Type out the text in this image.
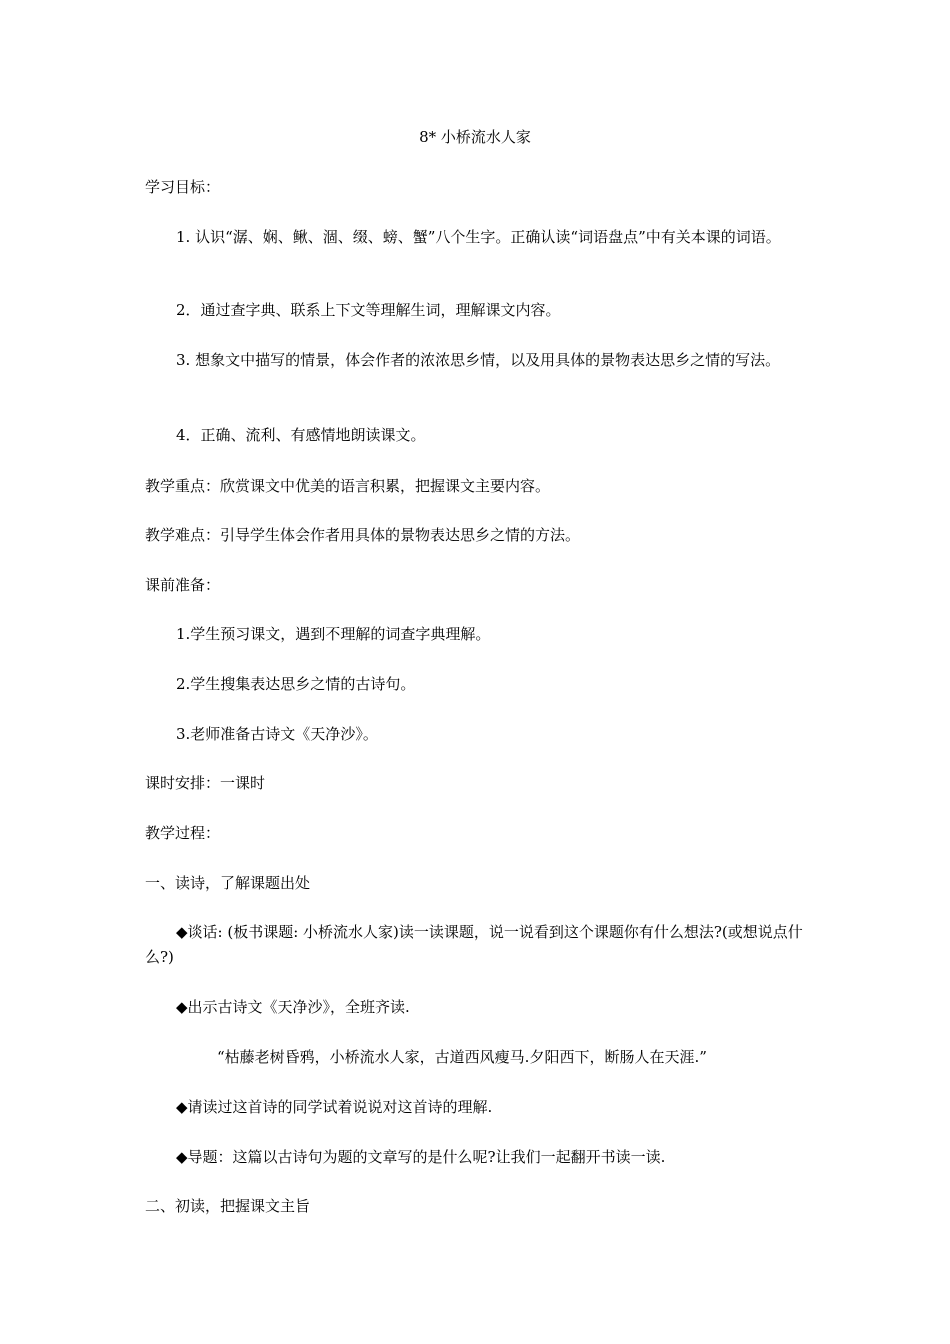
8* 小桥流水人家
学习目标：
1. 认识“潺、娴、鳅、涸、缀、螃、蟹”八个生字。正确认读“词语盘点”中有关本课的词语。
2．通过查字典、联系上下文等理解生词，理解课文内容。
3. 想象文中描写的情景，体会作者的浓浓思乡情，以及用具体的景物表达思乡之情的写法。
4．正确、流利、有感情地朗读课文。
教学重点：欣赏课文中优美的语言积累，把握课文主要内容。
教学难点：引导学生体会作者用具体的景物表达思乡之情的方法。
课前准备：
1.学生预习课文，遇到不理解的词查字典理解。
2.学生搜集表达思乡之情的古诗句。
3.老师准备古诗文《天净沙》。
课时安排：一课时
教学过程：
一、读诗，了解课题出处
◆谈话: (板书课题: 小桥流水人家)读一读课题，说一说看到这个课题你有什么想法?(或想说点什么?)
◆出示古诗文《天净沙》，全班齐读.
“枯藤老树昏鸦，小桥流水人家，古道西风瘦马.夕阳西下，断肠人在天涯.”
◆请读过这首诗的同学试着说说对这首诗的理解.
◆导题：这篇以古诗句为题的文章写的是什么呢?让我们一起翻开书读一读.
二、初读，把握课文主旨
